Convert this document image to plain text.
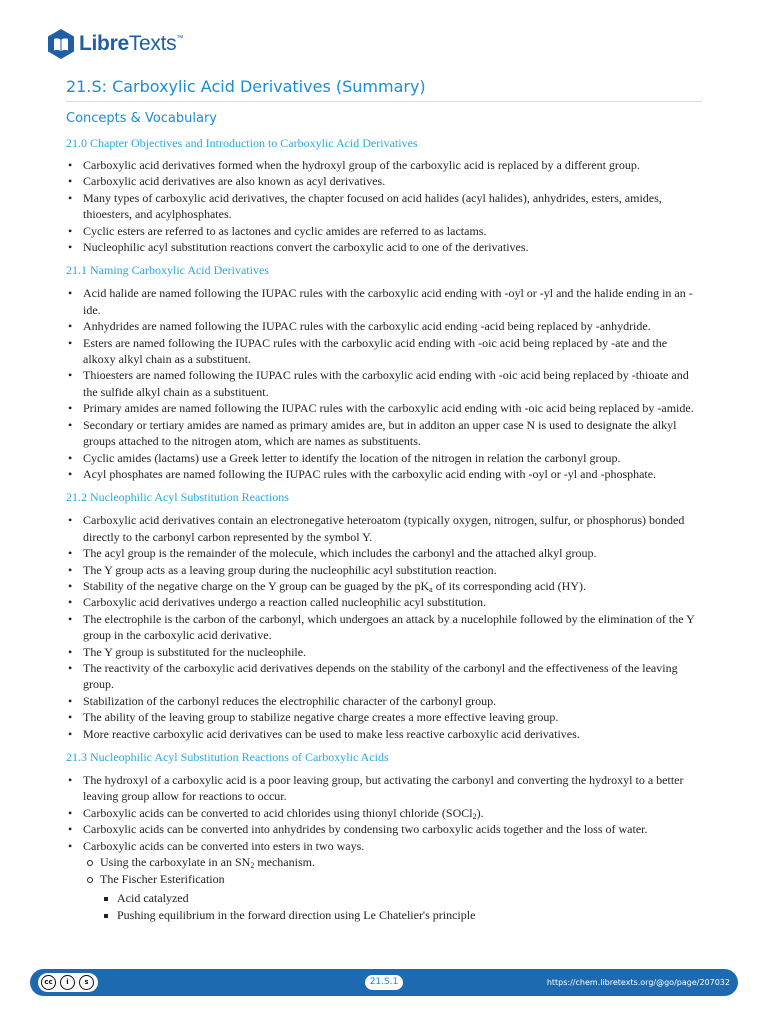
LibreTexts ™
21.S: Carboxylic Acid Derivatives (Summary)
Concepts & Vocabulary

21.0 Chapter Objectives and Introduction to Carboxylic Acid Derivatives

• Carboxylic acid derivatives formed when the hydroxyl group of the carboxylic acid is replaced by a different group.
• Carboxylic acid derivatives are also known as acyl derivatives.
• Many types of carboxylic acid derivatives, the chapter focused on acid halides (acyl halides), anhydrides, esters, amides, thioesters, and acylphosphates.
• Cyclic esters are referred to as lactones and cyclic amides are referred to as lactams.
• Nucleophilic acyl substitution reactions convert the carboxylic acid to one of the derivatives.

21.1 Naming Carboxylic Acid Derivatives

• Acid halide are named following the IUPAC rules with the carboxylic acid ending with -oyl or -yl and the halide ending in an -ide.
• Anhydrides are named following the IUPAC rules with the carboxylic acid ending -acid being replaced by -anhydride.
• Esters are named following the IUPAC rules with the carboxylic acid ending with -oic acid being replaced by -ate and the alkoxy alkyl chain as a substituent.
• Thioesters are named following the IUPAC rules with the carboxylic acid ending with -oic acid being replaced by -thioate and the sulfide alkyl chain as a substituent.
• Primary amides are named following the IUPAC rules with the carboxylic acid ending with -oic acid being replaced by -amide.
• Secondary or tertiary amides are named as primary amides are, but in additon an upper case N is used to designate the alkyl groups attached to the nitrogen atom, which are names as substituents.
• Cyclic amides (lactams) use a Greek letter to identify the location of the nitrogen in relation the carbonyl group.
• Acyl phosphates are named following the IUPAC rules with the carboxylic acid ending with -oyl or -yl and -phosphate.

21.2 Nucleophilic Acyl Substitution Reactions

• Carboxylic acid derivatives contain an electronegative heteroatom (typically oxygen, nitrogen, sulfur, or phosphorus) bonded directly to the carbonyl carbon represented by the symbol Y.
• The acyl group is the remainder of the molecule, which includes the carbonyl and the attached alkyl group.
• The Y group acts as a leaving group during the nucleophilic acyl substitution reaction.
• Stability of the negative charge on the Y group can be guaged by the $pK_a$ of its corresponding acid (HY).
• Carboxylic acid derivatives undergo a reaction called nucleophilic acyl substitution.
• The electrophile is the carbon of the carbonyl, which undergoes an attack by a nucelophile followed by the elimination of the Y group in the carboxylic acid derivative.
• The Y group is substituted for the nucleophile.
• The reactivity of the carboxylic acid derivatives depends on the stability of the carbonyl and the effectiveness of the leaving group.
• Stabilization of the carbonyl reduces the electrophilic character of the carbonyl group.
• The ability of the leaving group to stabilize negative charge creates a more effective leaving group.
• More reactive carboxylic acid derivatives can be used to make less reactive carboxylic acid derivatives.

21.3 Nucleophilic Acyl Substitution Reactions of Carboxylic Acids

• The hydroxyl of a carboxylic acid is a poor leaving group, but activating the carbonyl and converting the hydroxyl to a better leaving group allow for reactions to occur.
• Carboxylic acids can be converted to acid chlorides using thionyl chloride (SOCl$_2$).
• Carboxylic acids can be converted into anhydrides by condensing two carboxylic acids together and the loss of water.
• Carboxylic acids can be converted into esters in two ways.
Using the carboxylate in an $SN_2$ mechanism.
The Fischer Esterification
Acid catalyzed
Pushing equilibrium in the forward direction using Le Chatelier's principle
cc	i	s	21.S.1	https://chem.libretexts.org/@go/page/207032
